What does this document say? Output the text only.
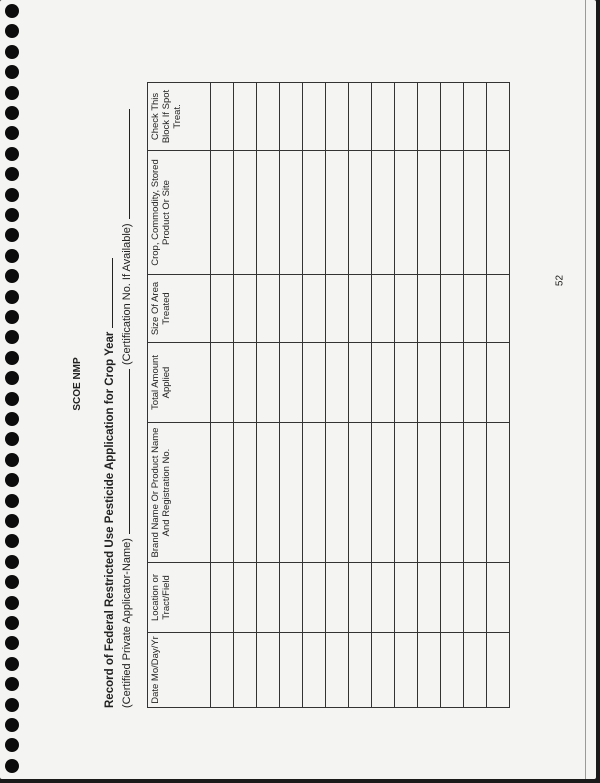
SCOE NMP Record of Federal Restricted Use Pesticide Application for Crop Year (Certified Private Applicator-Name)(Certification No. If Available)
Date Mo/Day/Yr	Location or Tract/Field	Brand Name Or Product Name And Registration No.	Total Amount Applied	Size Of Area Treated	Crop, Commodity, Stored Product Or Site	Check This Block If Spot Treat.

52
